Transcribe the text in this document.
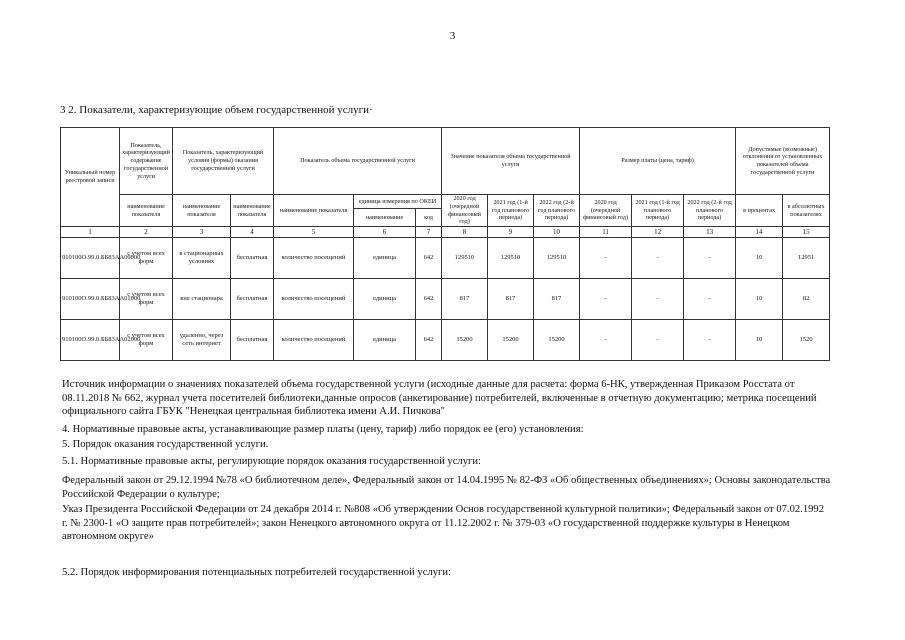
3
3 2. Показатели, характеризующие объем государственной услуги·
Уникальный номер реестровой записи	Показатель, характеризующий содержание государственной услуги	Показатель, характеризующий условия (формы) оказания государственной услуги		Показатель объема государственной услуги			Значение показателя объема государственной услуги			Размер платы (цена, тариф)			Допустимые (возможные) отклонения от установленных показателей объема государственной услуги	
	наименование показателя	наименование показателя	наименование показателя	наименование показателя	единица измерения по ОКЕИ		2020 год (очередной финансовый год)	2021 год (1-й год планового периода)	2022 год (2-й год планового периода)	2020 год (очередной финансовый год)	2021 год (1-й год планового периода)	2022 год (2-й год планового периода)	в процентах	в абсолютных показателях
					наименование	код								
1	2	3	4	5	6	7	8	9	10	11	12	13	14	15
910100О.99.0.ББ83АА00000	с учетом всех форм	в стационарных условиях	бесплатная	количество посещений	единица	642	129510	129510	129510	-	-	-	10	12951
910100О.99.0.ББ83АА01000	с учетом всех форм	вне стационара	бесплатная	количество посещений	единица	642	817	817	817	-	-	-	10	82
910100О.99.0.ББ83АА02000	с учетом всех форм	удаленно, через сеть интернет	бесплатная	количество посещений	единица	642	15200	15200	15200	-	-	-	10	1520
Источник информации о значениях показателей объема государственной услуги (исходные данные для расчета: форма 6-НК, утвержденная Приказом Росстата от 08.11.2018 № 662, журнал учета посетителей библиотеки,данные опросов (анкетирование) потребителей, включенные в отчетную документацию; метрика посещений официального сайта ГБУК "Ненецкая центральная библиотека имени А.И. Пичкова"
4. Нормативные правовые акты, устанавливающие размер платы (цену, тариф) либо порядок ее (его) установления:
5. Порядок оказания государственной услуги.
5.1. Нормативные правовые акты, регулирующие порядок оказания государственной услуги:
Федеральный закон от 29.12.1994 №78 «О библиотечном деле», Федеральный закон от 14.04.1995 № 82-ФЗ «Об общественных объединениях»; Основы законодательства Российской Федерации о культуре;
Указ Президента Российской Федерации от 24 декабря 2014 г. №808 «Об утверждении Основ государственной культурной политики»; Федеральный закон от 07.02.1992 г. № 2300-1 «О защите прав потребителей»; закон Ненецкого автономного округа от 11.12.2002 г. № 379-03 «О государственной поддержке культуры в Ненецком автономном округе»
5.2. Порядок информирования потенциальных потребителей государственной услуги:
